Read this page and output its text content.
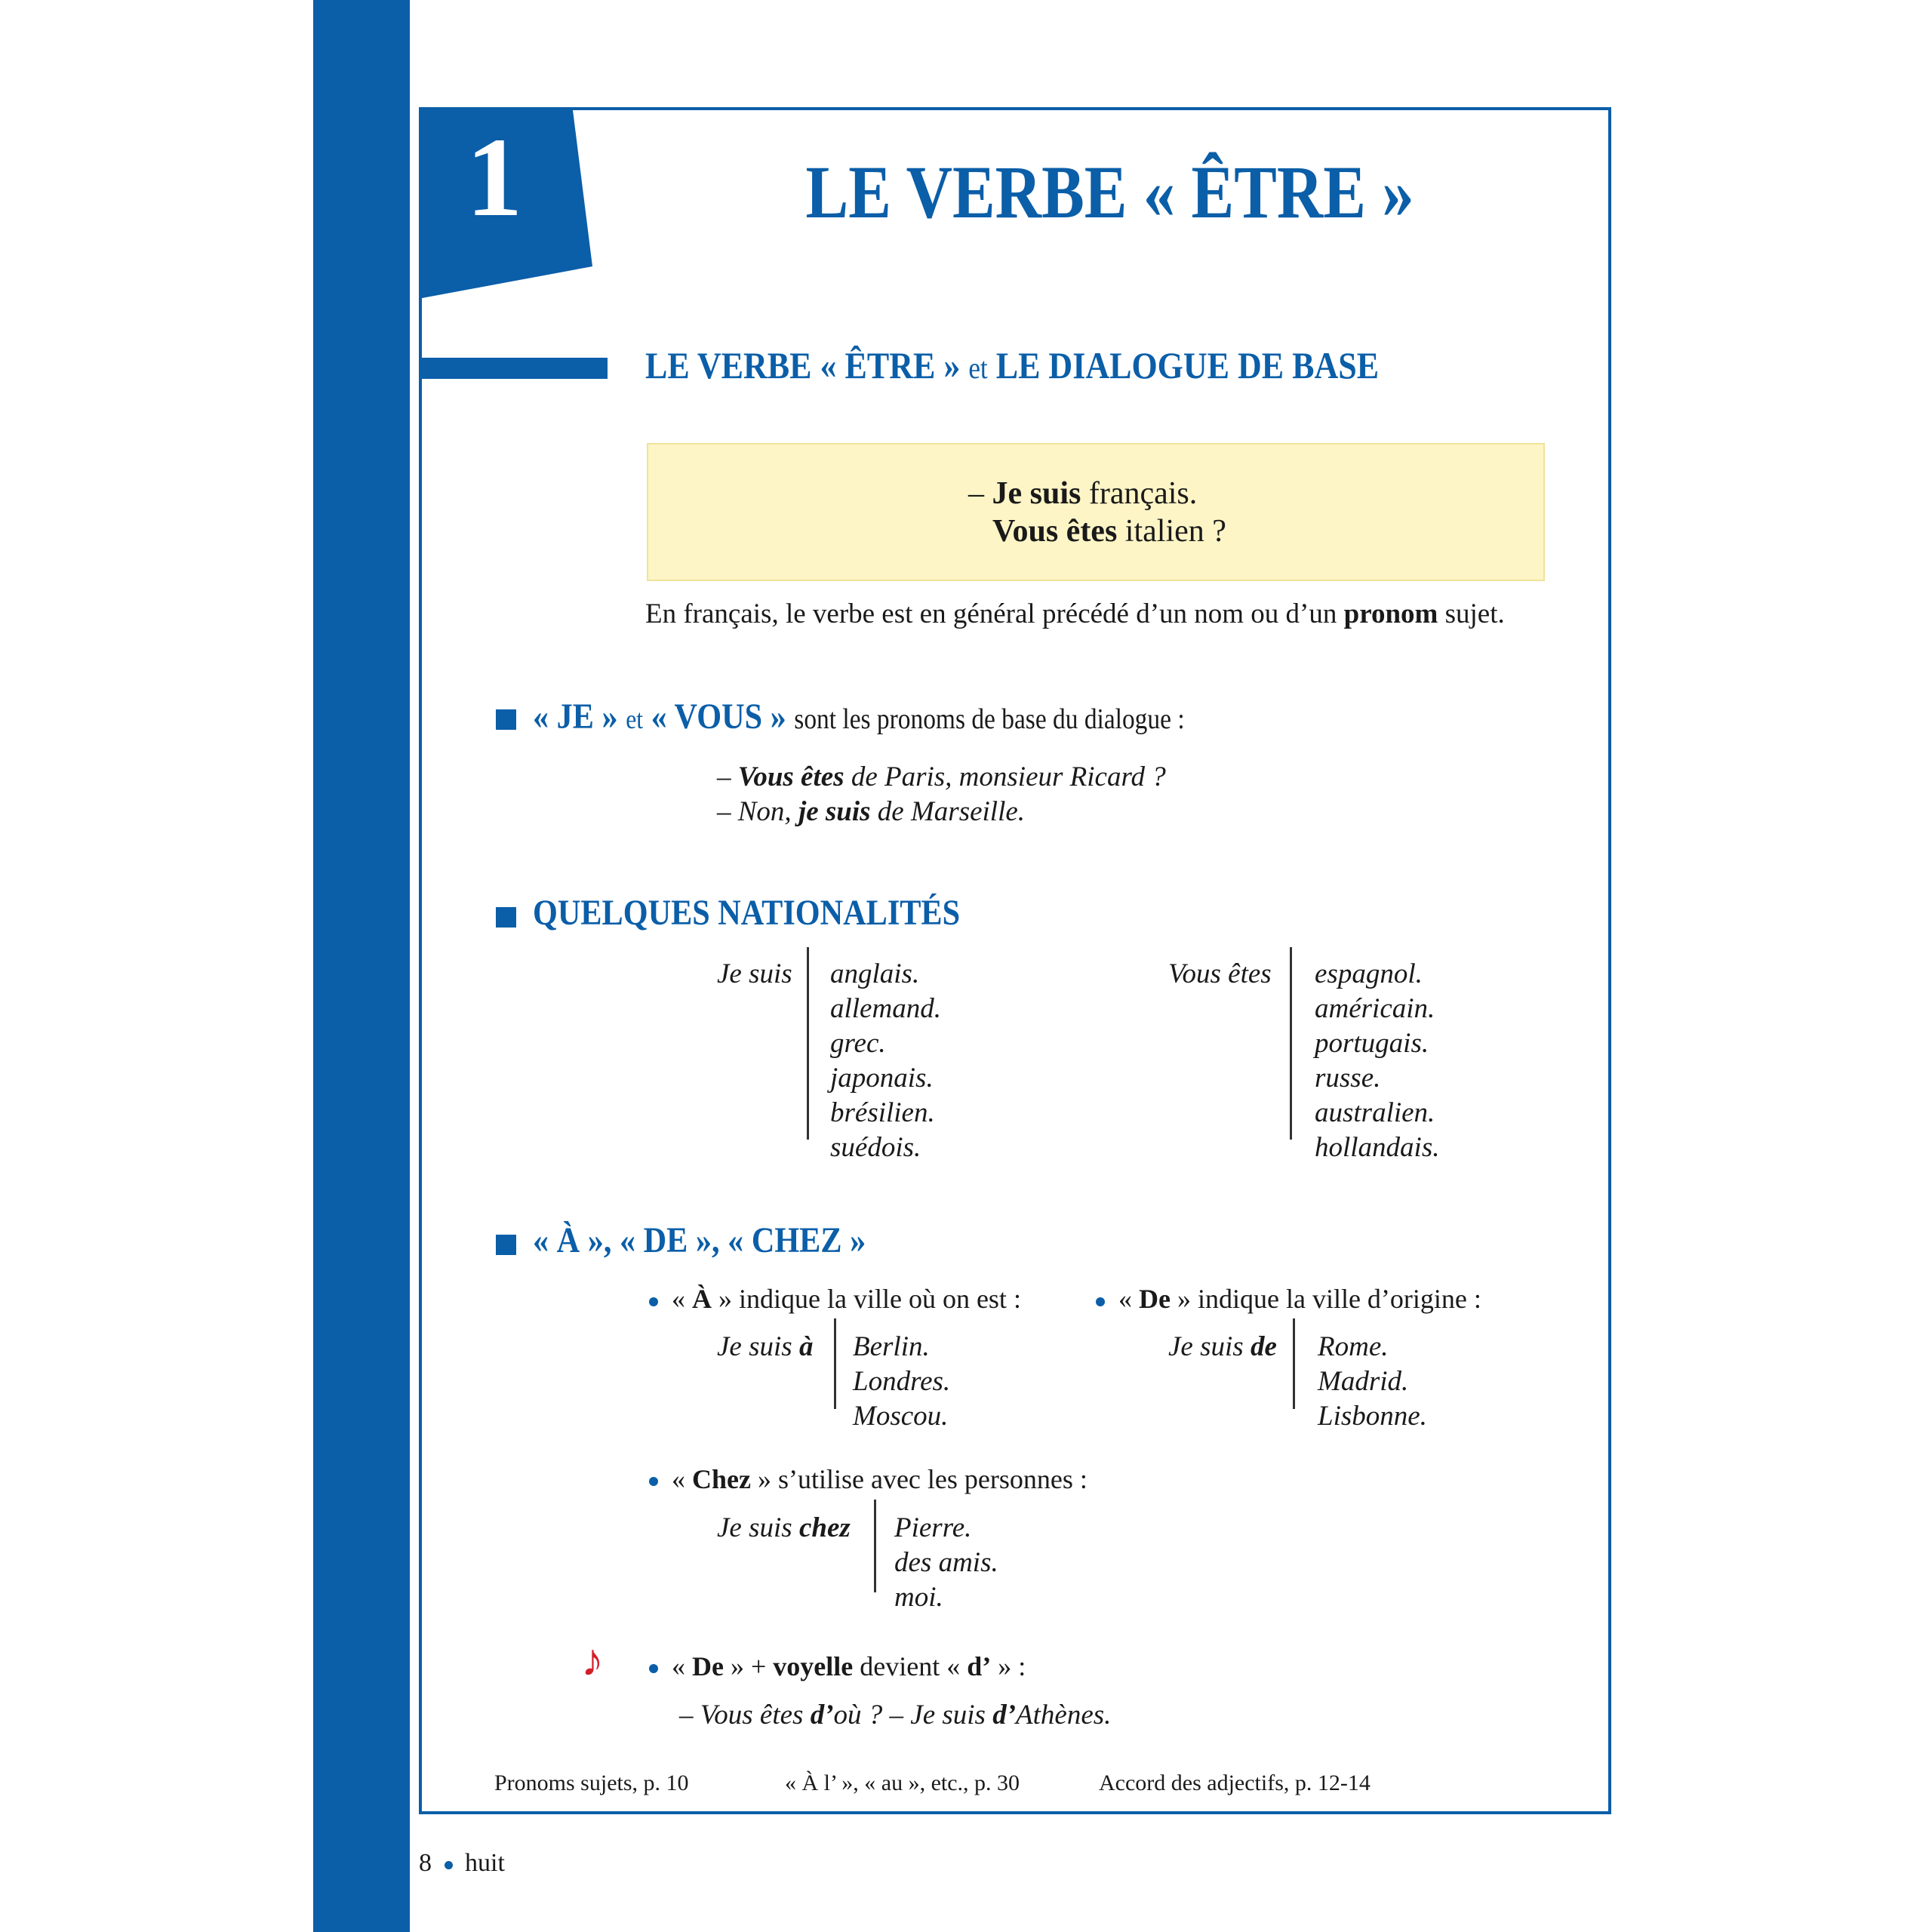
1	LE VERBE « ÊTRE »
LE VERBE « ÊTRE » et LE DIALOGUE DE BASE
– Je suis français.
Vous êtes italien ?
En français, le verbe est en général précédé d’un nom ou d’un pronom sujet.
« JE » et « VOUS » sont les pronoms de base du dialogue :
– Vous êtes de Paris, monsieur Ricard ?
– Non, je suis de Marseille.
QUELQUES NATIONALITÉS
Je suis anglais.
allemand.
grec.
japonais.
brésilien.
suédois.
Vous êtes espagnol.
américain.
portugais.
russe.
australien.
hollandais.
« À », « DE », « CHEZ »
« À » indique la ville où on est :
Je suis à Berlin.
Londres.
Moscou.
« De » indique la ville d’origine :
Je suis de Rome.
Madrid.
Lisbonne.
« Chez » s’utilise avec les personnes :
Je suis chez Pierre.
des amis.
moi.
♪	« De » + voyelle devient « d’ » :
– Vous êtes d’où ? – Je suis d’Athènes.
Pronoms sujets, p. 10	« À l’ », « au », etc., p. 30	Accord des adjectifs, p. 12-14
8 huit
